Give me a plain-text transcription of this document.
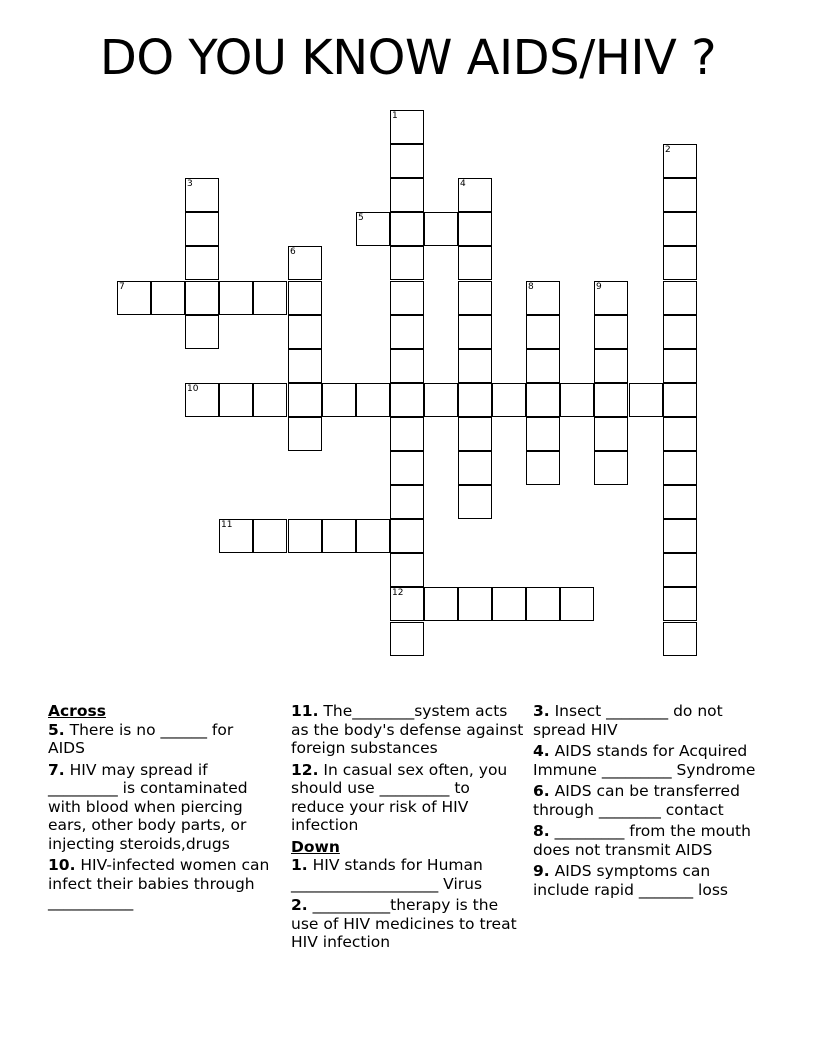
DO YOU KNOW AIDS/HIV ?
1
12
2
3	4
5
6
7	8	9
10
11
Across
5. There is no ______ for AIDS
7. HIV may spread if _________ is contaminated with blood when piercing ears, other body parts, or injecting steroids,drugs
10. HIV-infected women can infect their babies through ___________
11. The________system acts as the body's defense against foreign substances
12. In casual sex often, you should use _________ to reduce your risk of HIV infection
Down
1. HIV stands for Human ___________________ Virus
2. __________therapy is the use of HIV medicines to treat HIV infection
3. Insect ________ do not spread HIV
4. AIDS stands for Acquired Immune _________ Syndrome
6. AIDS can be transferred through ________ contact
8. _________ from the mouth does not transmit AIDS
9. AIDS symptoms can include rapid _______ loss
